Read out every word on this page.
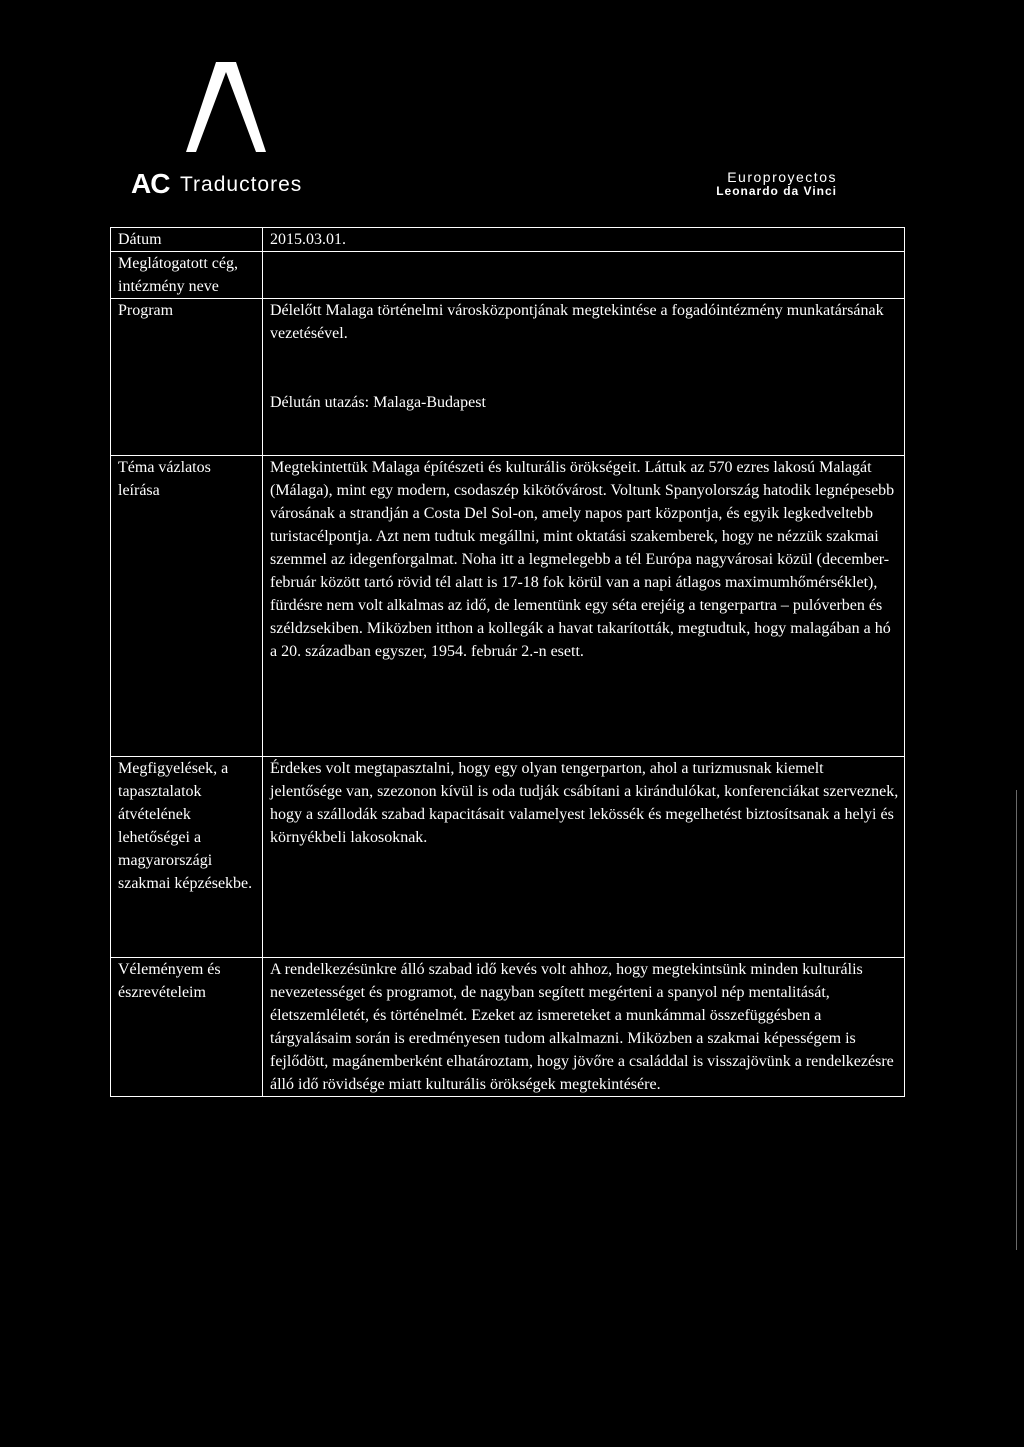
AC Traductores	Europroyectos
Leonardo da Vinci
Dátum	2015.03.01.
Meglátogatott cég, intézmény neve	
Program	Délelőtt Malaga történelmi városközpontjának megtekintése a fogadóintézmény munkatársának vezetésével.

Délután utazás: Malaga-Budapest

Téma vázlatos leírása	Megtekintettük Malaga építészeti és kulturális örökségeit. Láttuk az 570 ezres lakosú Malagát (Málaga), mint egy modern, csodaszép kikötővárost. Voltunk Spanyolország hatodik legnépesebb városának a strandján a Costa Del Sol-on, amely napos part központja, és egyik legkedveltebb turistacélpontja. Azt nem tudtuk megállni, mint oktatási szakemberek, hogy ne nézzük szakmai szemmel az idegenforgalmat. Noha itt a legmelegebb a tél Európa nagyvárosai közül (december-február között tartó rövid tél alatt is 17-18 fok körül van a napi átlagos maximumhőmérséklet), fürdésre nem volt alkalmas az idő, de lementünk egy séta erejéig a tengerpartra – pulóverben és széldzsekiben. Miközben itthon a kollegák a havat takarították, megtudtuk, hogy malagában a hó a 20. században egyszer, 1954. február 2.-n esett.
Megfigyelések, a tapasztalatok átvételének lehetőségei a magyarországi szakmai képzésekbe.	Érdekes volt megtapasztalni, hogy egy olyan tengerparton, ahol a turizmusnak kiemelt jelentősége van, szezonon kívül is oda tudják csábítani a kirándulókat, konferenciákat szerveznek, hogy a szállodák szabad kapacitásait valamelyest lekössék és megelhetést biztosítsanak a helyi és környékbeli lakosoknak.
Véleményem és észrevételeim	A rendelkezésünkre álló szabad idő kevés volt ahhoz, hogy megtekintsünk minden kulturális nevezetességet és programot, de nagyban segített megérteni a spanyol nép mentalitását, életszemléletét, és történelmét. Ezeket az ismereteket a munkámmal összefüggésben a tárgyalásaim során is eredményesen tudom alkalmazni. Miközben a szakmai képességem is fejlődött, magánemberként elhatároztam, hogy jövőre a családdal is visszajövünk a rendelkezésre álló idő rövidsége miatt kulturális örökségek megtekintésére.
